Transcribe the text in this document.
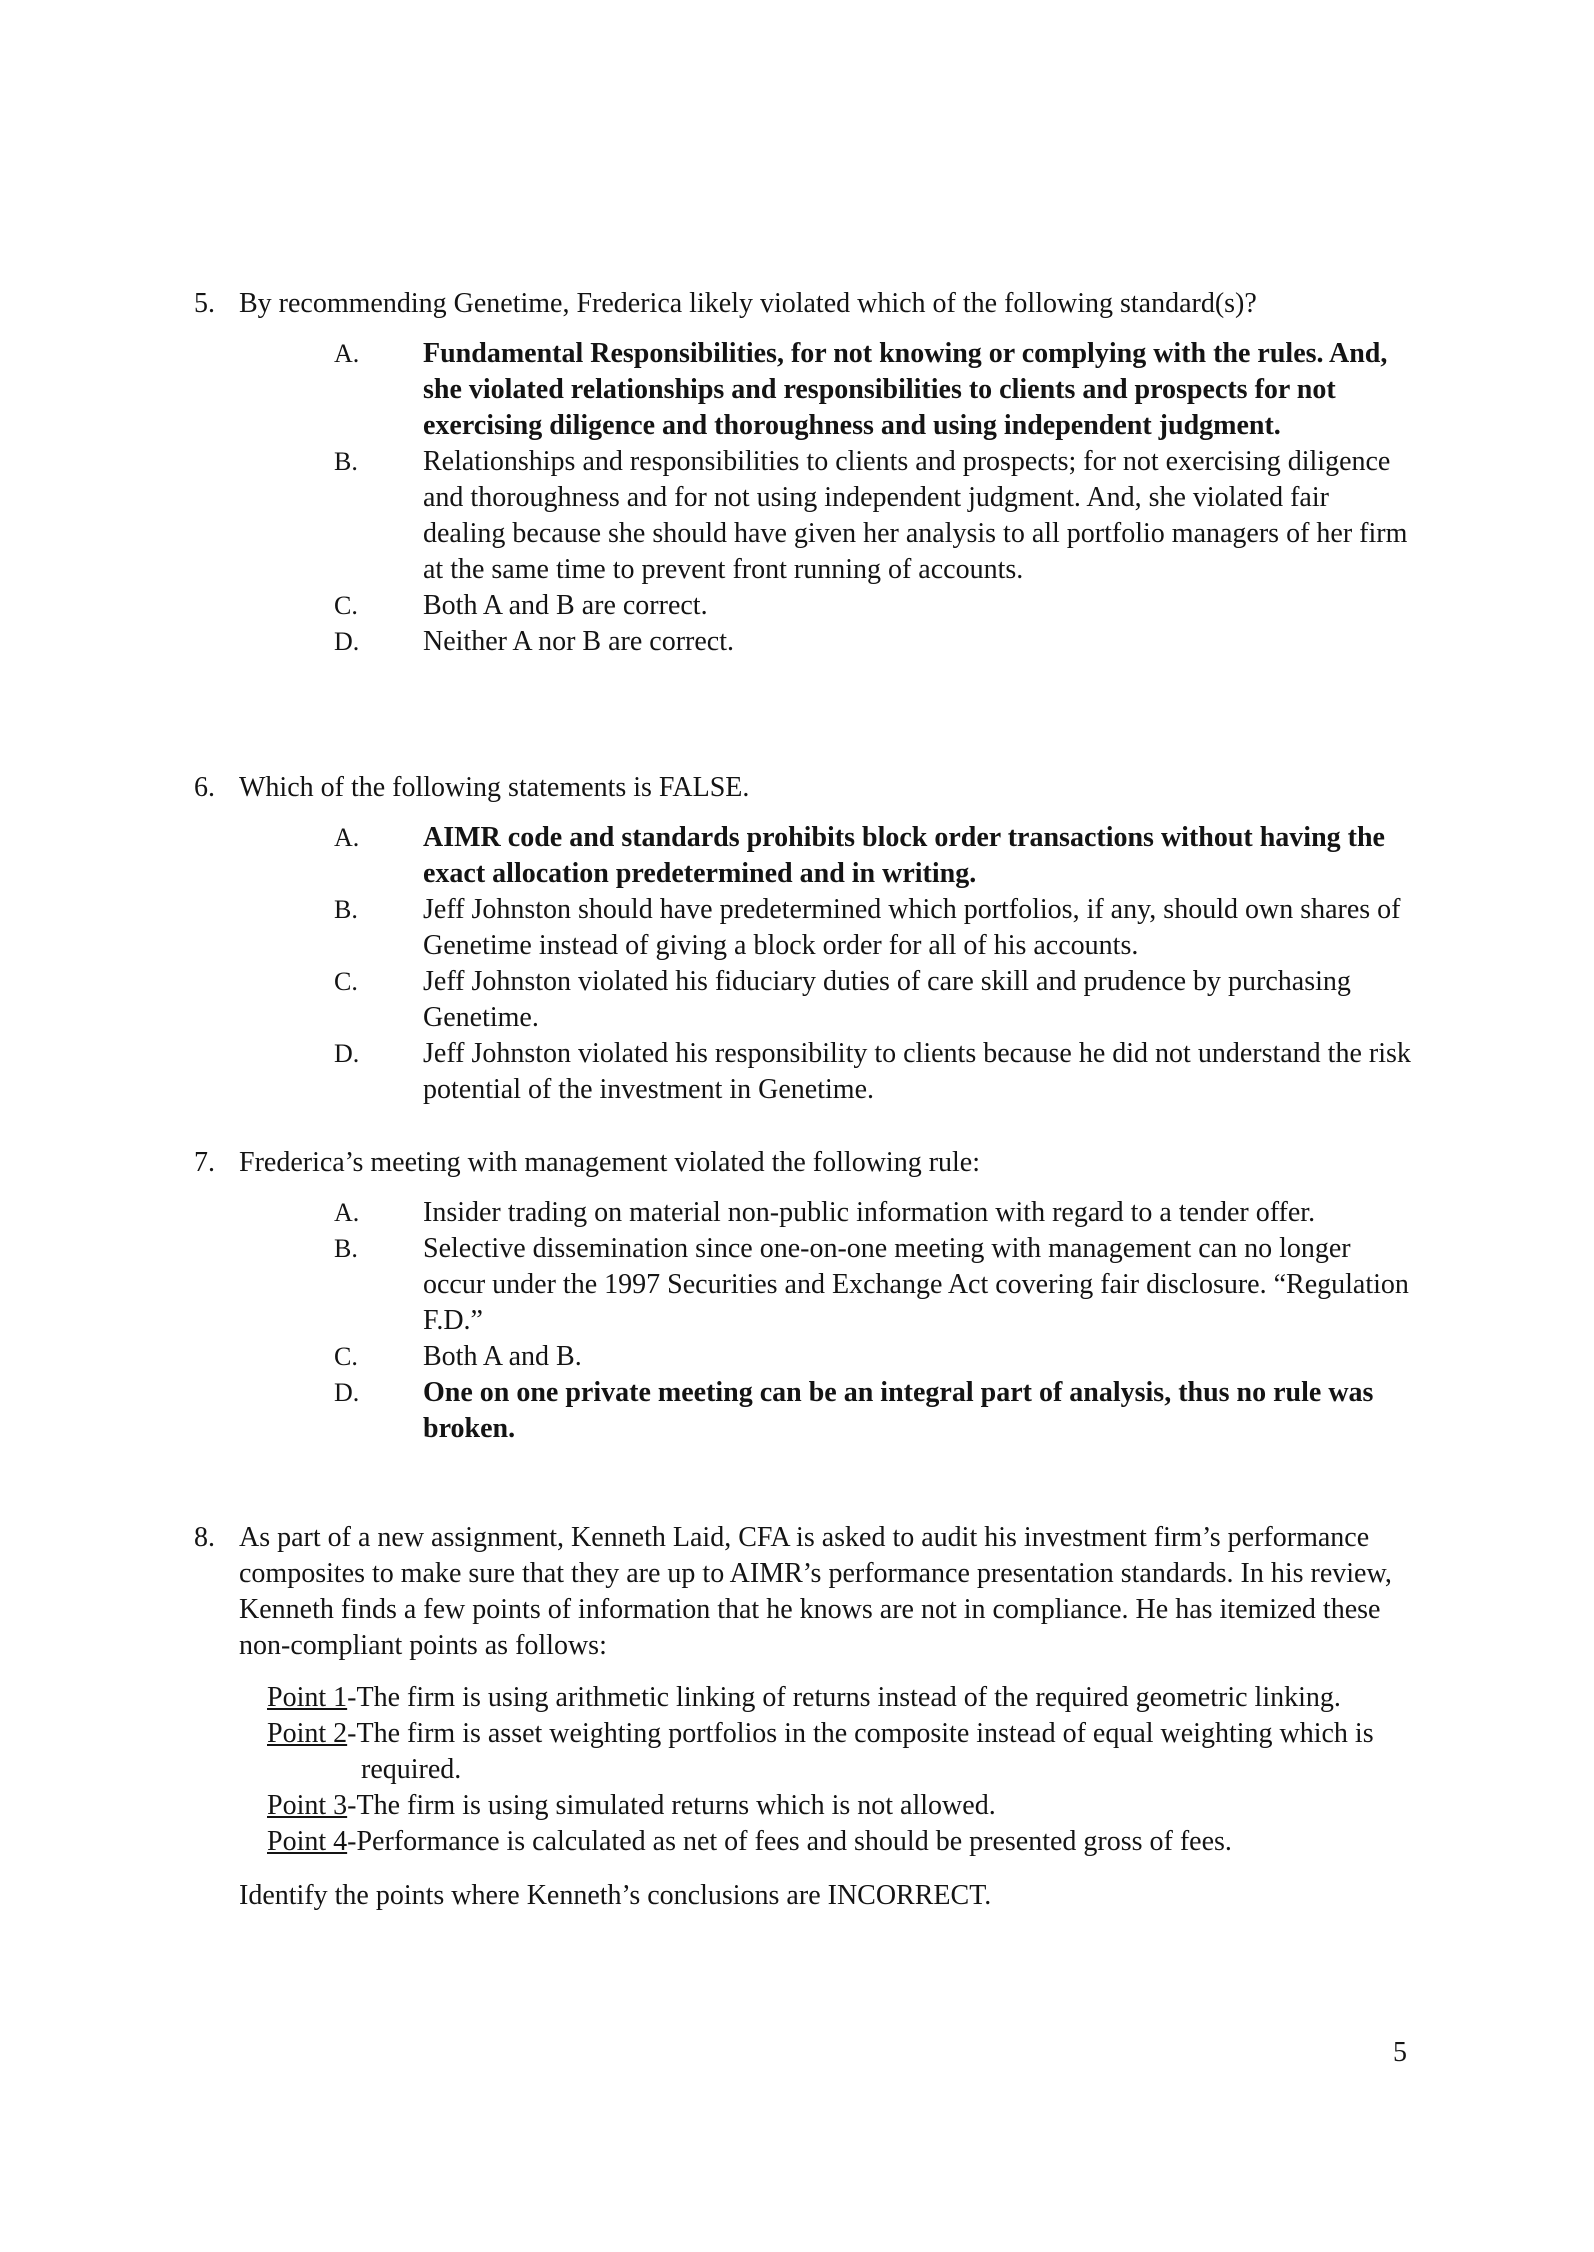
5. By recommending Genetime, Frederica likely violated which of the following standard(s)?
A. Fundamental Responsibilities, for not knowing or complying with the rules. And, she violated relationships and responsibilities to clients and prospects for not exercising diligence and thoroughness and using independent judgment.
B. Relationships and responsibilities to clients and prospects; for not exercising diligence and thoroughness and for not using independent judgment. And, she violated fair dealing because she should have given her analysis to all portfolio managers of her firm at the same time to prevent front running of accounts.
C. Both A and B are correct.
D. Neither A nor B are correct.
6. Which of the following statements is FALSE.
A. AIMR code and standards prohibits block order transactions without having the exact allocation predetermined and in writing.
B. Jeff Johnston should have predetermined which portfolios, if any, should own shares of Genetime instead of giving a block order for all of his accounts.
C. Jeff Johnston violated his fiduciary duties of care skill and prudence by purchasing Genetime.
D. Jeff Johnston violated his responsibility to clients because he did not understand the risk potential of the investment in Genetime.
7. Frederica’s meeting with management violated the following rule:
A. Insider trading on material non-public information with regard to a tender offer.
B. Selective dissemination since one-on-one meeting with management can no longer occur under the 1997 Securities and Exchange Act covering fair disclosure. “Regulation F.D.”
C. Both A and B.
D. One on one private meeting can be an integral part of analysis, thus no rule was broken.
8. As part of a new assignment, Kenneth Laid, CFA is asked to audit his investment firm’s performance composites to make sure that they are up to AIMR’s performance presentation standards. In his review, Kenneth finds a few points of information that he knows are not in compliance. He has itemized these non-compliant points as follows:
Point 1-The firm is using arithmetic linking of returns instead of the required geometric linking.
Point 2-The firm is asset weighting portfolios in the composite instead of equal weighting which is required.
Point 3-The firm is using simulated returns which is not allowed.
Point 4-Performance is calculated as net of fees and should be presented gross of fees.
Identify the points where Kenneth’s conclusions are INCORRECT.
5
